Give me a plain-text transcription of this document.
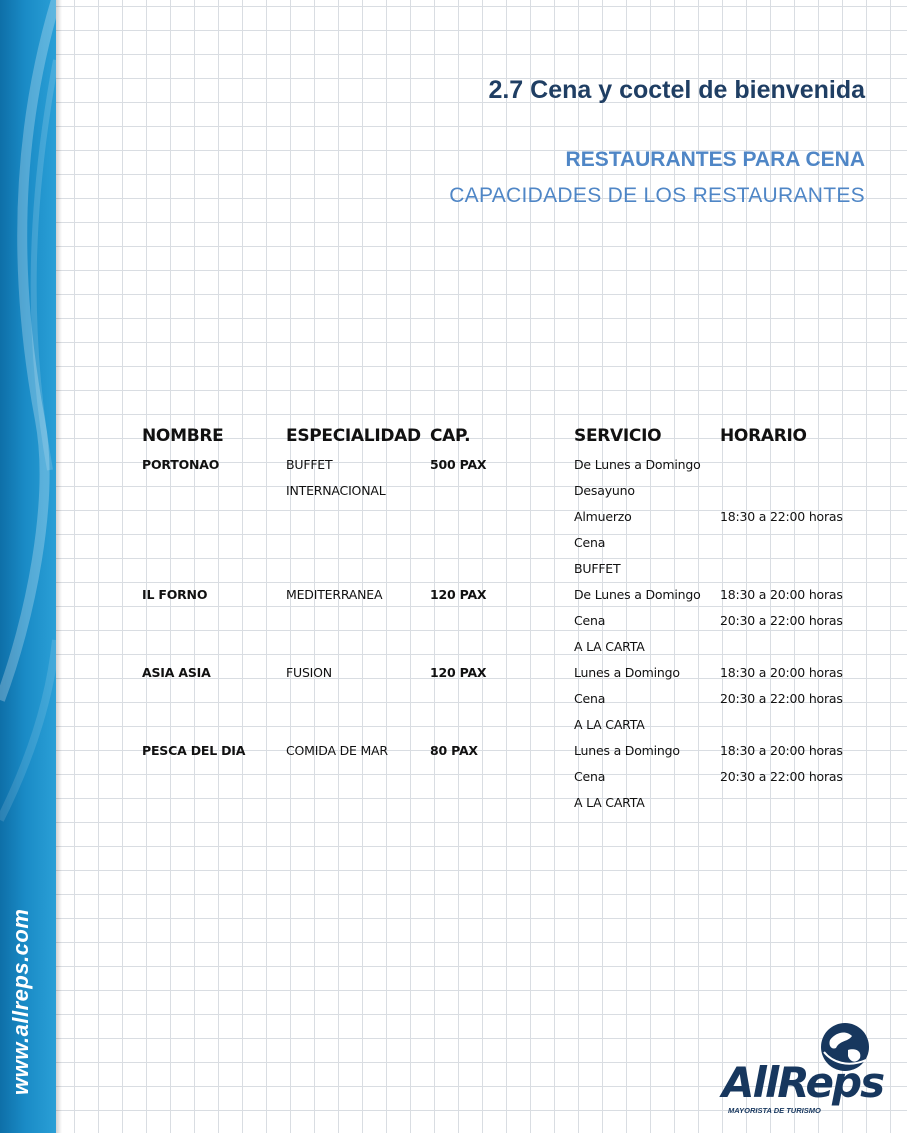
www.allreps.com
2.7 Cena y coctel de bienvenida
RESTAURANTES PARA CENA
CAPACIDADES DE LOS RESTAURANTES
NOMBRE	ESPECIALIDAD	CAP.	SERVICIO	HORARIO
PORTONAO	BUFFET	500 PAX	De Lunes a Domingo	
	INTERNACIONAL		Desayuno	
			Almuerzo	18:30 a 22:00 horas
			Cena	
			BUFFET	
IL FORNO	MEDITERRANEA	120 PAX	De Lunes a Domingo	18:30 a 20:00 horas
			Cena	20:30 a 22:00 horas
			A LA CARTA	
ASIA ASIA	FUSION	120 PAX	Lunes a Domingo	18:30 a 20:00 horas
			Cena	20:30 a 22:00 horas
			A LA CARTA	
PESCA DEL DIA	COMIDA DE MAR	80 PAX	Lunes a Domingo	18:30 a 20:00 horas
			Cena	20:30 a 22:00 horas
			A LA CARTA	

AllReps
MAYORISTA DE TURISMO
